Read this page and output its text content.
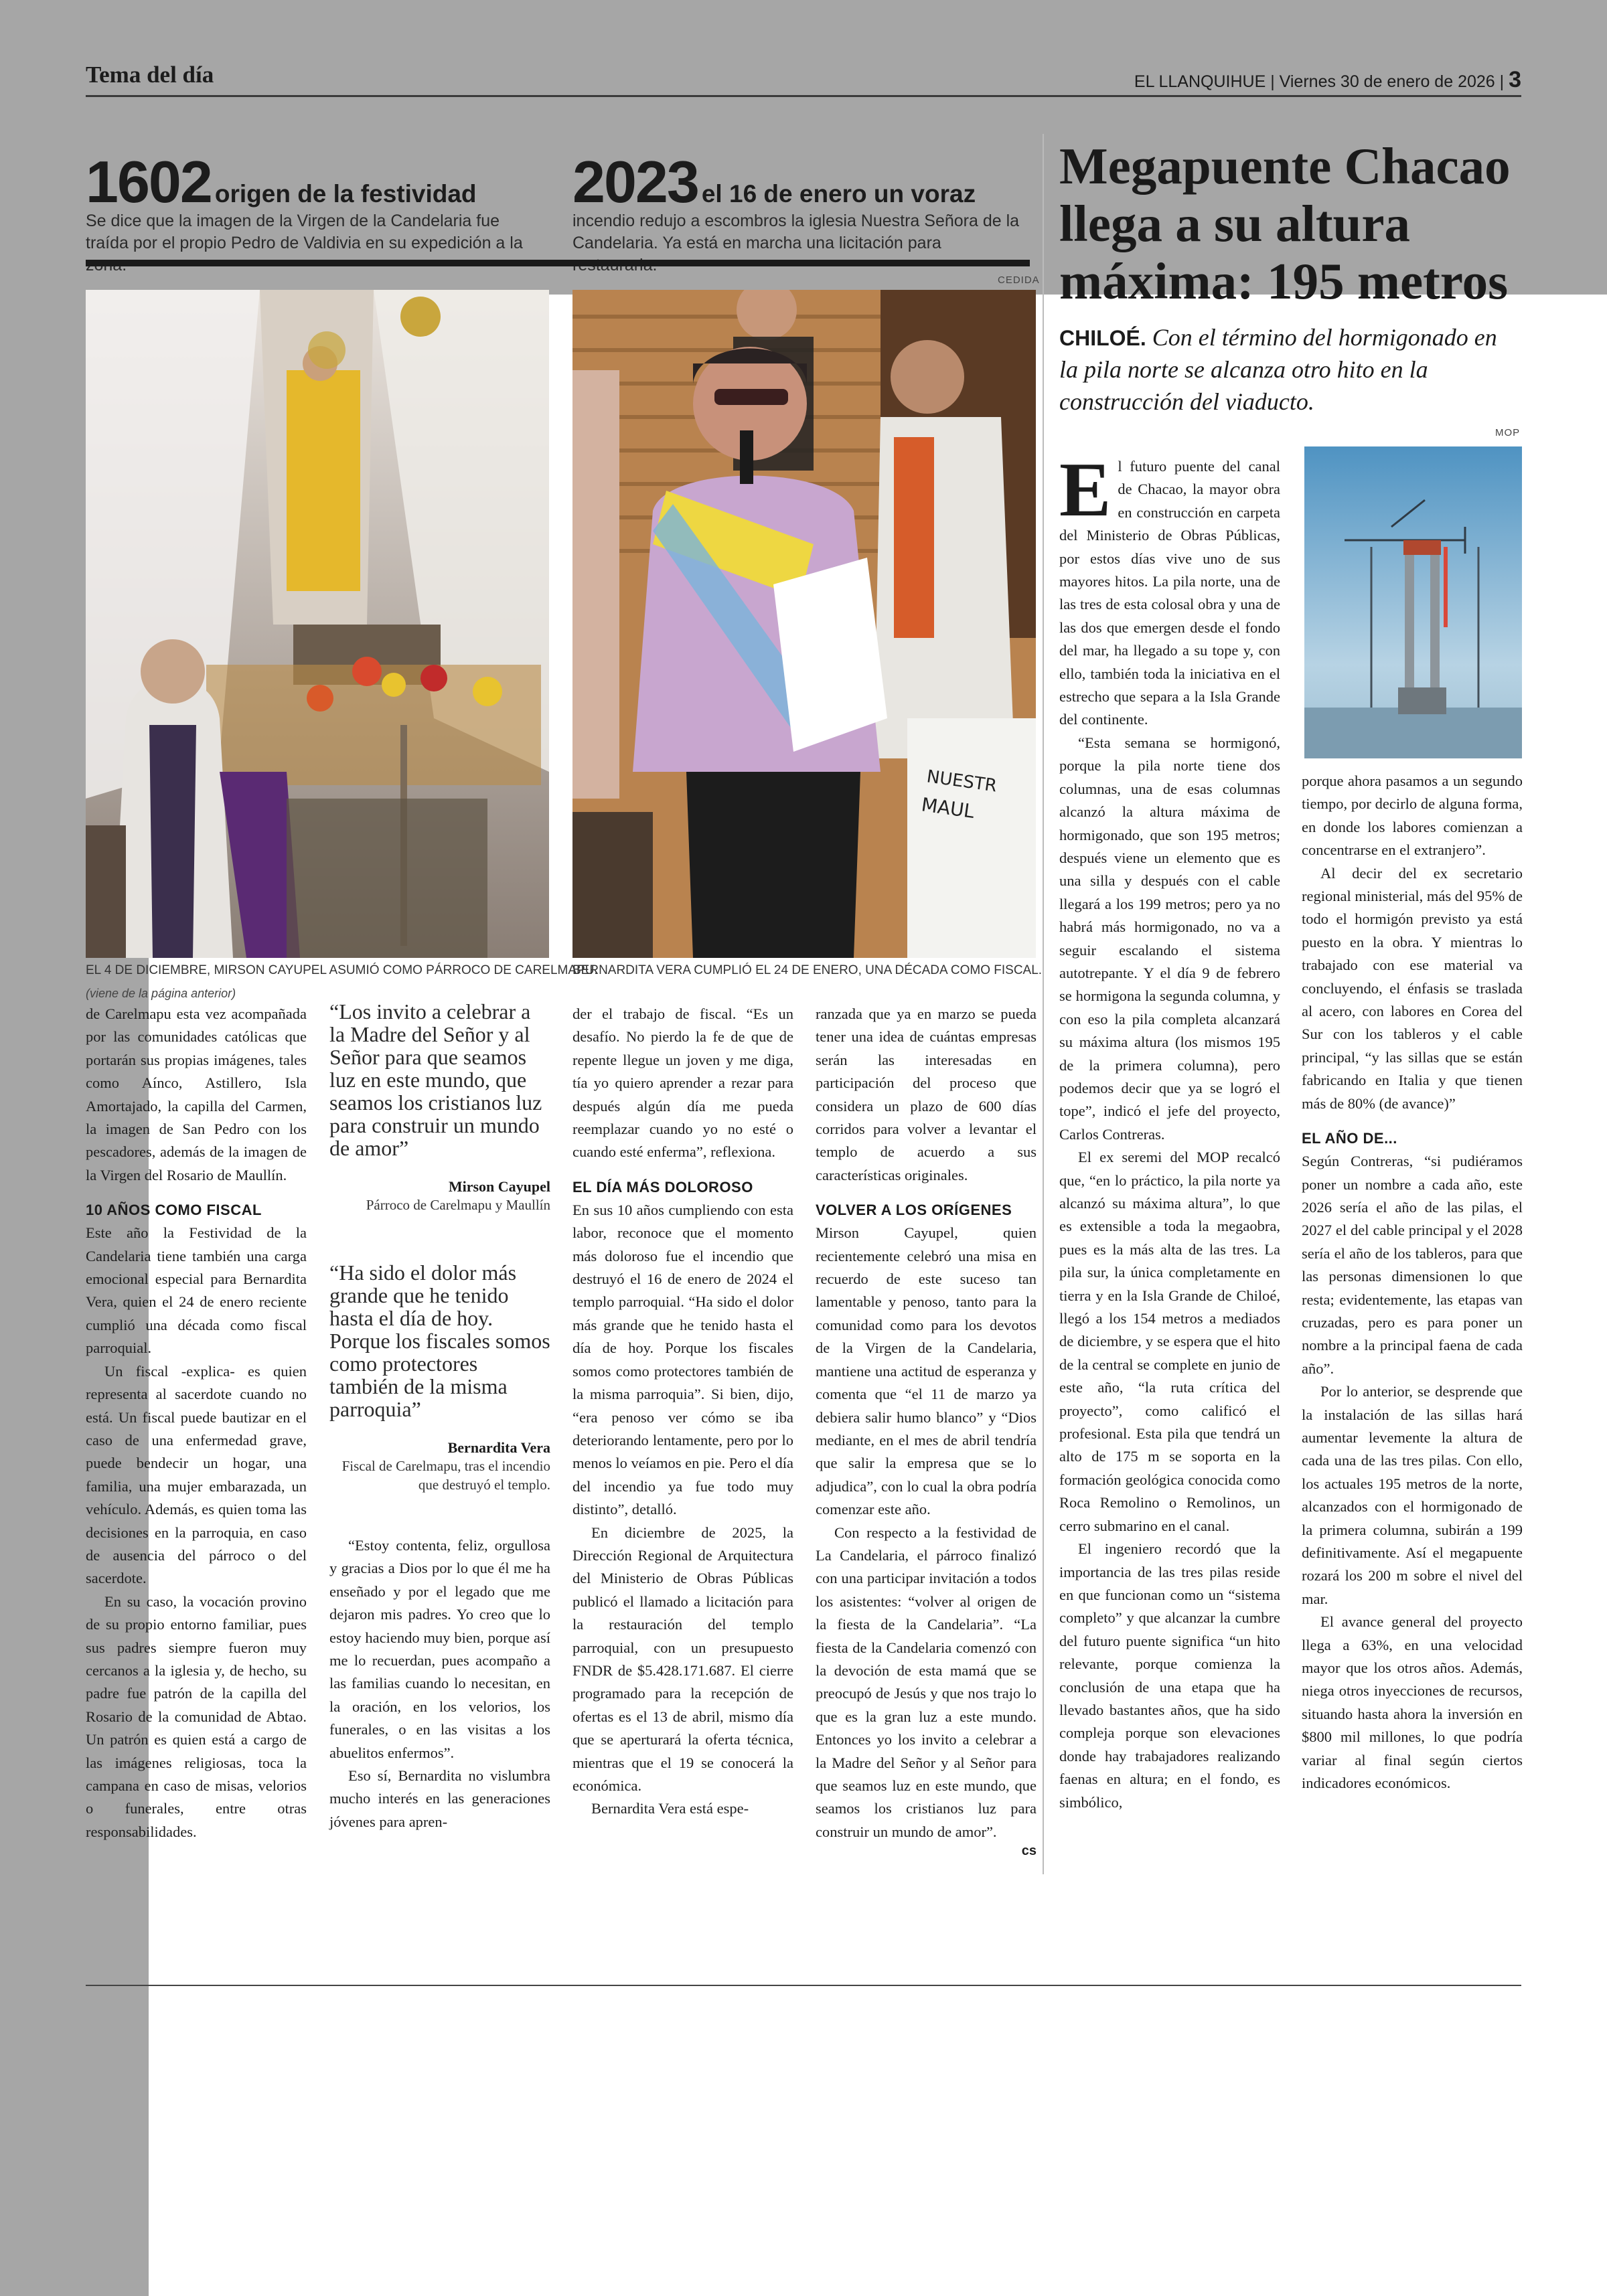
Tema del día	EL LLANQUIHUE | Viernes 30 de enero de 2026 | 3
1602 origen de la festividad
Se dice que la imagen de la Virgen de la Candelaria fue traída por el propio Pedro de Valdivia en su expedición a la
2023 el 16 de enero un voraz
incendio redujo a escombros la iglesia Nuestra Señora de la Candelaria. Ya está en marcha una licitación para
CEDIDA
EL 4 DE DICIEMBRE, MIRSON CAYUPEL ASUMIÓ COMO PÁRROCO DE CARELMAPU.
NUESTR
MAUL
BERNARDITA VERA CUMPLIÓ EL 24 DE ENERO, UNA DÉCADA COMO FISCAL.
(viene de la página anterior)

de Carelmapu esta vez acompañada por las comunidades católicas que portarán sus propias imágenes, tales como Aínco, Astillero, Isla Amortajado, la capilla del Carmen, la imagen de San Pedro con los pescadores, además de la imagen de la Virgen del Rosario de Maullín.

10 AÑOS COMO FISCAL

Este año la Festividad de la Candelaria tiene también una carga emocional especial para Bernardita Vera, quien el 24 de enero reciente cumplió una década como fiscal parroquial.

Un fiscal -explica- es quien representa al sacerdote cuando no está. Un fiscal puede bautizar en el caso de una enfermedad grave, puede bendecir un hogar, una familia, una mujer embarazada, un vehículo. Además, es quien toma las decisiones en la parroquia, en caso de ausencia del párroco o del sacerdote.

En su caso, la vocación provino de su propio entorno familiar, pues sus padres siempre fueron muy cercanos a la iglesia y, de hecho, su padre fue patrón de la capilla del Rosario de la comunidad de Abtao. Un patrón es quien está a cargo de las imágenes religiosas, toca la campana en caso de misas, velorios o funerales, entre otras responsabilidades.

“Los invito a celebrar a la Madre del Señor y al Señor para que seamos luz en este mundo, que seamos los cristianos luz para construir un mundo de amor”
Mirson Cayupel
Párroco de Carelmapu y Maullín
“Ha sido el dolor más grande que he tenido hasta el día de hoy. Porque los fiscales somos como protectores también de la misma parroquia”
Bernardita Vera
Fiscal de Carelmapu, tras el incendio que destruyó el templo.

“Estoy contenta, feliz, orgullosa y gracias a Dios por lo que él me ha enseñado y por el legado que me dejaron mis padres. Yo creo que lo estoy haciendo muy bien, porque así me lo recuerdan, pues acompaño a las familias cuando lo necesitan, en la oración, en los velorios, los funerales, o en las visitas a los abuelitos enfermos”.

Eso sí, Bernardita no vislumbra mucho interés en las generaciones jóvenes para apren-

der el trabajo de fiscal. “Es un desafío. No pierdo la fe de que de repente llegue un joven y me diga, tía yo quiero aprender a rezar para después algún día me pueda reemplazar cuando yo no esté o cuando esté enferma”, reflexiona.

EL DÍA MÁS DOLOROSO

En sus 10 años cumpliendo con esta labor, reconoce que el momento más doloroso fue el incendio que destruyó el 16 de enero de 2024 el templo parroquial. “Ha sido el dolor más grande que he tenido hasta el día de hoy. Porque los fiscales somos como protectores también de la misma parroquia”. Si bien, dijo, “era penoso ver cómo se iba deteriorando lentamente, pero por lo menos lo veíamos en pie. Pero el día del incendio ya fue todo muy distinto”, detalló.

En diciembre de 2025, la Dirección Regional de Arquitectura del Ministerio de Obras Públicas publicó el llamado a licitación para la restauración del templo parroquial, con un presupuesto FNDR de $5.428.171.687. El cierre programado para la recepción de ofertas es el 13 de abril, mismo día que se aperturará la oferta técnica, mientras que el 19 se conocerá la económica.

Bernardita Vera está espe-

ranzada que ya en marzo se pueda tener una idea de cuántas empresas serán las interesadas en participación del proceso que considera un plazo de 600 días corridos para volver a levantar el templo de acuerdo a sus características originales.

VOLVER A LOS ORÍGENES

Mirson Cayupel, quien recientemente celebró una misa en recuerdo de este suceso tan lamentable y penoso, tanto para la comunidad como para los devotos de la Virgen de la Candelaria, mantiene una actitud de esperanza y comenta que “el 11 de marzo ya debiera salir humo blanco” y “Dios mediante, en el mes de abril tendría que salir la empresa que se lo adjudica”, con lo cual la obra podría comenzar este año.

Con respecto a la festividad de La Candelaria, el párroco finalizó con una participar invitación a todos los asistentes: “volver al origen de la fiesta de la Candelaria”. “La fiesta de la Candelaria comenzó con la devoción de esta mamá que se preocupó de Jesús y que nos trajo lo que es la gran luz a este mundo. Entonces yo los invito a celebrar a la Madre del Señor y al Señor para que seamos luz en este mundo, que seamos los cristianos luz para construir un mundo de amor”.

cs
Megapuente Chacao llega a su altura máxima: 195 metros
CHILOÉ. Con el término del hormigonado en la pila norte se alcanza otro hito en la construcción del viaducto.
MOP

E l futuro puente del canal de Chacao, la mayor obra en construcción en carpeta del Ministerio de Obras Públicas, por estos días vive uno de sus mayores hitos. La pila norte, una de las tres de esta colosal obra y una de las dos que emergen desde el fondo del mar, ha llegado a su tope y, con ello, también toda la iniciativa en el estrecho que separa a la Isla Grande del continente.

“Esta semana se hormigonó, porque la pila norte tiene dos columnas, una de esas columnas alcanzó la altura máxima de hormigonado, que son 195 metros; después viene un elemento que es una silla y después con el cable llegará a los 199 metros; pero ya no habrá más hormigonado, no va a seguir escalando el sistema autotrepante. Y el día 9 de febrero se hormigona la segunda columna, y con eso la pila completa alcanzará su máxima altura (los mismos 195 de la primera columna), pero podemos decir que ya se logró el tope”, indicó el jefe del proyecto, Carlos Contreras.

El ex seremi del MOP recalcó que, “en lo práctico, la pila norte ya alcanzó su máxima altura”, lo que es extensible a toda la megaobra, pues es la más alta de las tres. La pila sur, la única completamente en tierra y en la Isla Grande de Chiloé, llegó a los 154 metros a mediados de diciembre, y se espera que el hito de la central se complete en junio de este año, “la ruta crítica del proyecto”, como calificó el profesional. Esta pila que tendrá un alto de 175 m se soporta en la formación geológica conocida como Roca Remolino o Remolinos, un cerro submarino en el canal.

El ingeniero recordó que la importancia de las tres pilas reside en que funcionan como un “sistema completo” y que alcanzar la cumbre del futuro puente significa “un hito relevante, porque comienza la conclusión de una etapa que ha llevado bastantes años, que ha sido compleja porque son elevaciones donde hay trabajadores realizando faenas en altura; en el fondo, es simbólico,

porque ahora pasamos a un segundo tiempo, por decirlo de alguna forma, en donde los labores comienzan a concentrarse en el extranjero”.

Al decir del ex secretario regional ministerial, más del 95% de todo el hormigón previsto ya está puesto en la obra. Y mientras lo trabajado con ese material va concluyendo, el énfasis se traslada al acero, con labores en Corea del Sur con los tableros y el cable principal, “y las sillas que se están fabricando en Italia y que tienen más de 80% (de avance)”

EL AÑO DE...

Según Contreras, “si pudiéramos poner un nombre a cada año, este 2026 sería el año de las pilas, el 2027 el del cable principal y el 2028 sería el año de los tableros, para que las personas dimensionen lo que resta; evidentemente, las etapas van cruzadas, pero es para poner un nombre a la principal faena de cada año”.

Por lo anterior, se desprende que la instalación de las sillas hará aumentar levemente la altura de cada una de las tres pilas. Con ello, los actuales 195 metros de la norte, alcanzados con el hormigonado de la primera columna, subirán a 199 definitivamente. Así el megapuente rozará los 200 m sobre el nivel del mar.

El avance general del proyecto llega a 63%, en una velocidad mayor que los otros años. Además, niega otros inyecciones de recursos, situando hasta ahora la inversión en $800 mil millones, lo que podría variar al final según ciertos indicadores económicos.
